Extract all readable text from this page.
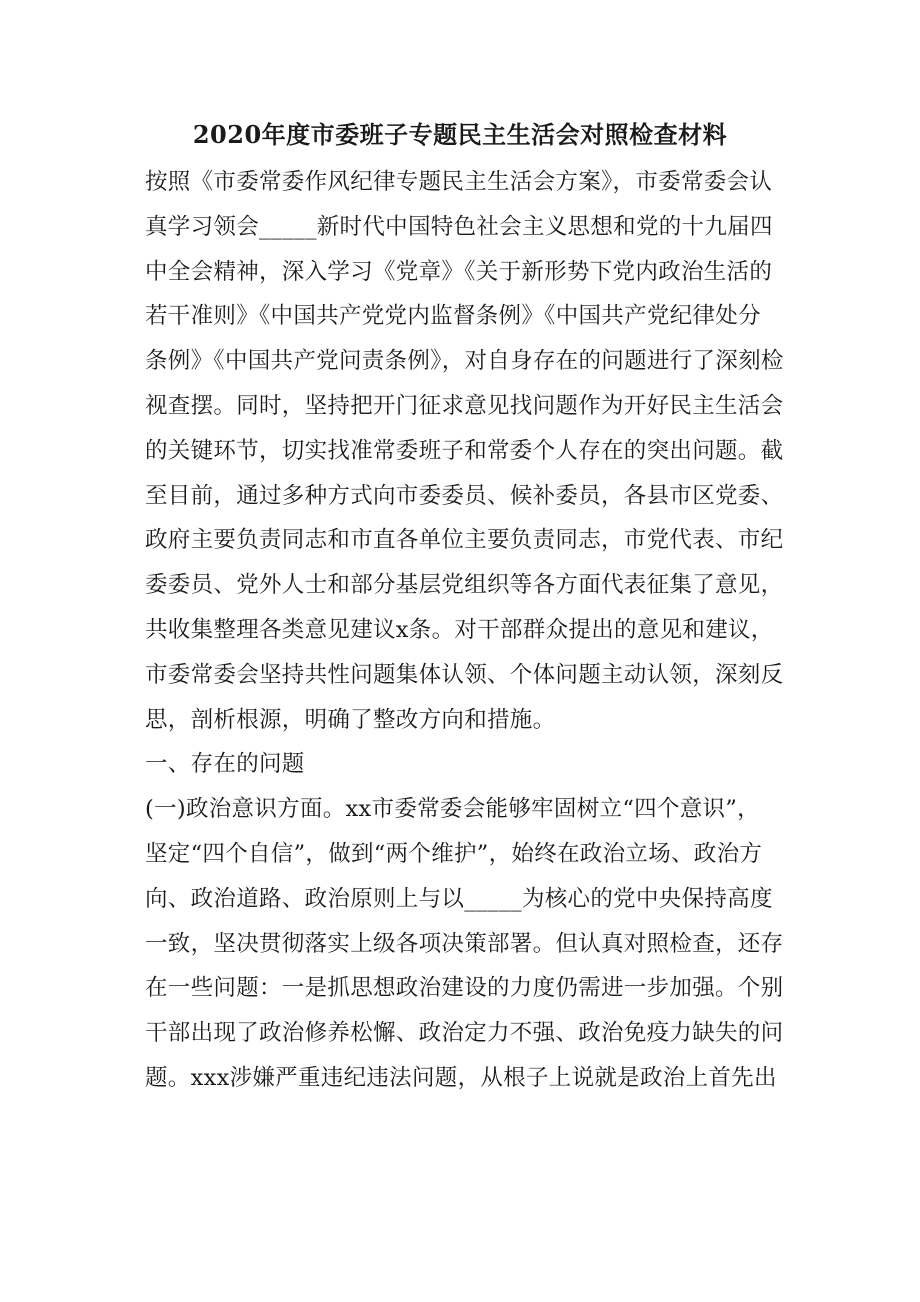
2020年度市委班子专题民主生活会对照检查材料
按照《市委常委作风纪律专题民主生活会方案》，市委常委会认
真学习领会_____新时代中国特色社会主义思想和党的十九届四
中全会精神，深入学习《党章》《关于新形势下党内政治生活的
若干准则》《中国共产党党内监督条例》《中国共产党纪律处分
条例》《中国共产党问责条例》，对自身存在的问题进行了深刻检
视查摆。同时，坚持把开门征求意见找问题作为开好民主生活会
的关键环节，切实找准常委班子和常委个人存在的突出问题。截
至目前，通过多种方式向市委委员、候补委员，各县市区党委、
政府主要负责同志和市直各单位主要负责同志，市党代表、市纪
委委员、党外人士和部分基层党组织等各方面代表征集了意见，
共收集整理各类意见建议x条。对干部群众提出的意见和建议，
市委常委会坚持共性问题集体认领、个体问题主动认领，深刻反
思，剖析根源，明确了整改方向和措施。
一、存在的问题
(一)政治意识方面。xx市委常委会能够牢固树立“四个意识”，
坚定“四个自信”，做到“两个维护”，始终在政治立场、政治方
向、政治道路、政治原则上与以_____为核心的党中央保持高度
一致，坚决贯彻落实上级各项决策部署。但认真对照检查，还存
在一些问题：一是抓思想政治建设的力度仍需进一步加强。个别
干部出现了政治修养松懈、政治定力不强、政治免疫力缺失的问
题。xxx涉嫌严重违纪违法问题，从根子上说就是政治上首先出
